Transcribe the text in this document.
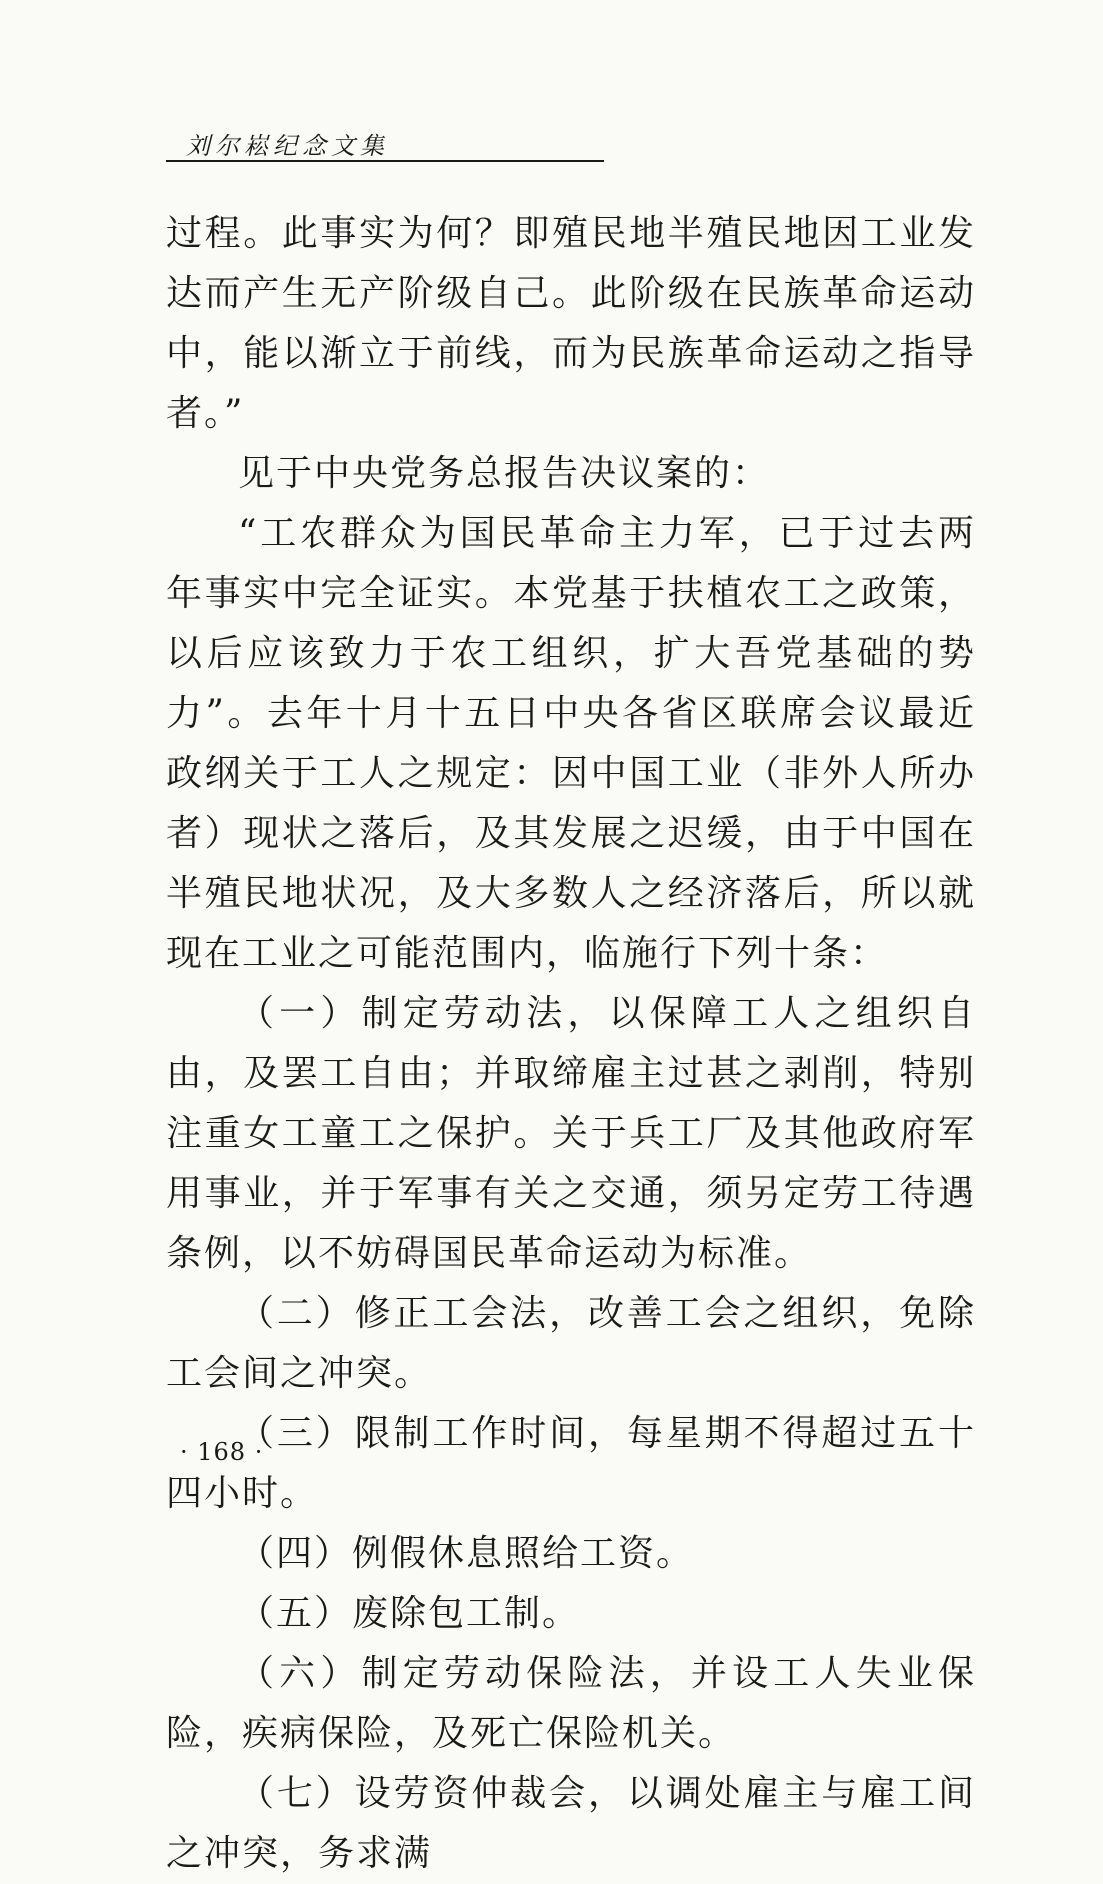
刘尔崧纪念文集

过程。此事实为何？即殖民地半殖民地因工业发达而产生无产阶级自己。此阶级在民族革命运动中，能以渐立于前线，而为民族革命运动之指导者。”

见于中央党务总报告决议案的：

“工农群众为国民革命主力军，已于过去两年事实中完全证实。本党基于扶植农工之政策，以后应该致力于农工组织，扩大吾党基础的势力”。去年十月十五日中央各省区联席会议最近政纲关于工人之规定：因中国工业（非外人所办者）现状之落后，及其发展之迟缓，由于中国在半殖民地状况，及大多数人之经济落后，所以就现在工业之可能范围内，临施行下列十条：

（一）制定劳动法，以保障工人之组织自由，及罢工自由；并取缔雇主过甚之剥削，特别注重女工童工之保护。关于兵工厂及其他政府军用事业，并于军事有关之交通，须另定劳工待遇条例，以不妨碍国民革命运动为标准。

（二）修正工会法，改善工会之组织，免除工会间之冲突。

（三）限制工作时间，每星期不得超过五十四小时。

（四）例假休息照给工资。

（五）废除包工制。

（六）制定劳动保险法，并设工人失业保险，疾病保险，及死亡保险机关。

（七）设劳资仲裁会，以调处雇主与雇工间之冲突，务求满

· 168 ·
